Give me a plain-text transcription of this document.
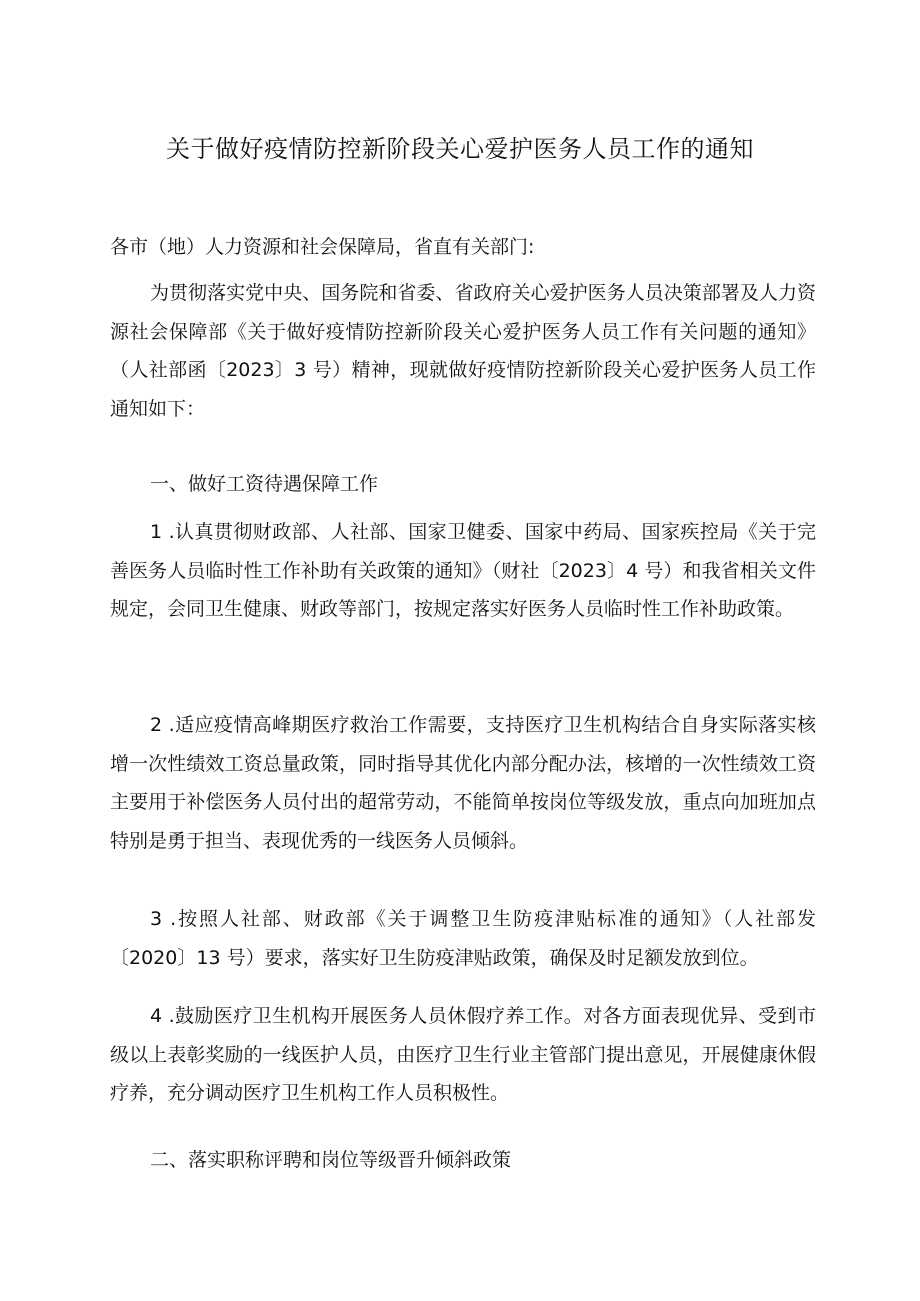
关于做好疫情防控新阶段关心爱护医务人员工作的通知

各市（地）人力资源和社会保障局，省直有关部门:

为贯彻落实党中央、国务院和省委、省政府关心爱护医务人员决策部署及人力资源社会保障部《关于做好疫情防控新阶段关心爱护医务人员工作有关问题的通知》（人社部函〔2023〕3 号）精神，现就做好疫情防控新阶段关心爱护医务人员工作通知如下：

一、做好工资待遇保障工作

1 .认真贯彻财政部、人社部、国家卫健委、国家中药局、国家疾控局《关于完善医务人员临时性工作补助有关政策的通知》（财社〔2023〕4 号）和我省相关文件规定，会同卫生健康、财政等部门，按规定落实好医务人员临时性工作补助政策。

2 .适应疫情高峰期医疗救治工作需要，支持医疗卫生机构结合自身实际落实核增一次性绩效工资总量政策，同时指导其优化内部分配办法，核增的一次性绩效工资主要用于补偿医务人员付出的超常劳动，不能简单按岗位等级发放，重点向加班加点特别是勇于担当、表现优秀的一线医务人员倾斜。

3 .按照人社部、财政部《关于调整卫生防疫津贴标准的通知》（人社部发〔2020〕13 号）要求，落实好卫生防疫津贴政策，确保及时足额发放到位。

4 .鼓励医疗卫生机构开展医务人员休假疗养工作。对各方面表现优异、受到市级以上表彰奖励的一线医护人员，由医疗卫生行业主管部门提出意见，开展健康休假疗养，充分调动医疗卫生机构工作人员积极性。

二、落实职称评聘和岗位等级晋升倾斜政策
